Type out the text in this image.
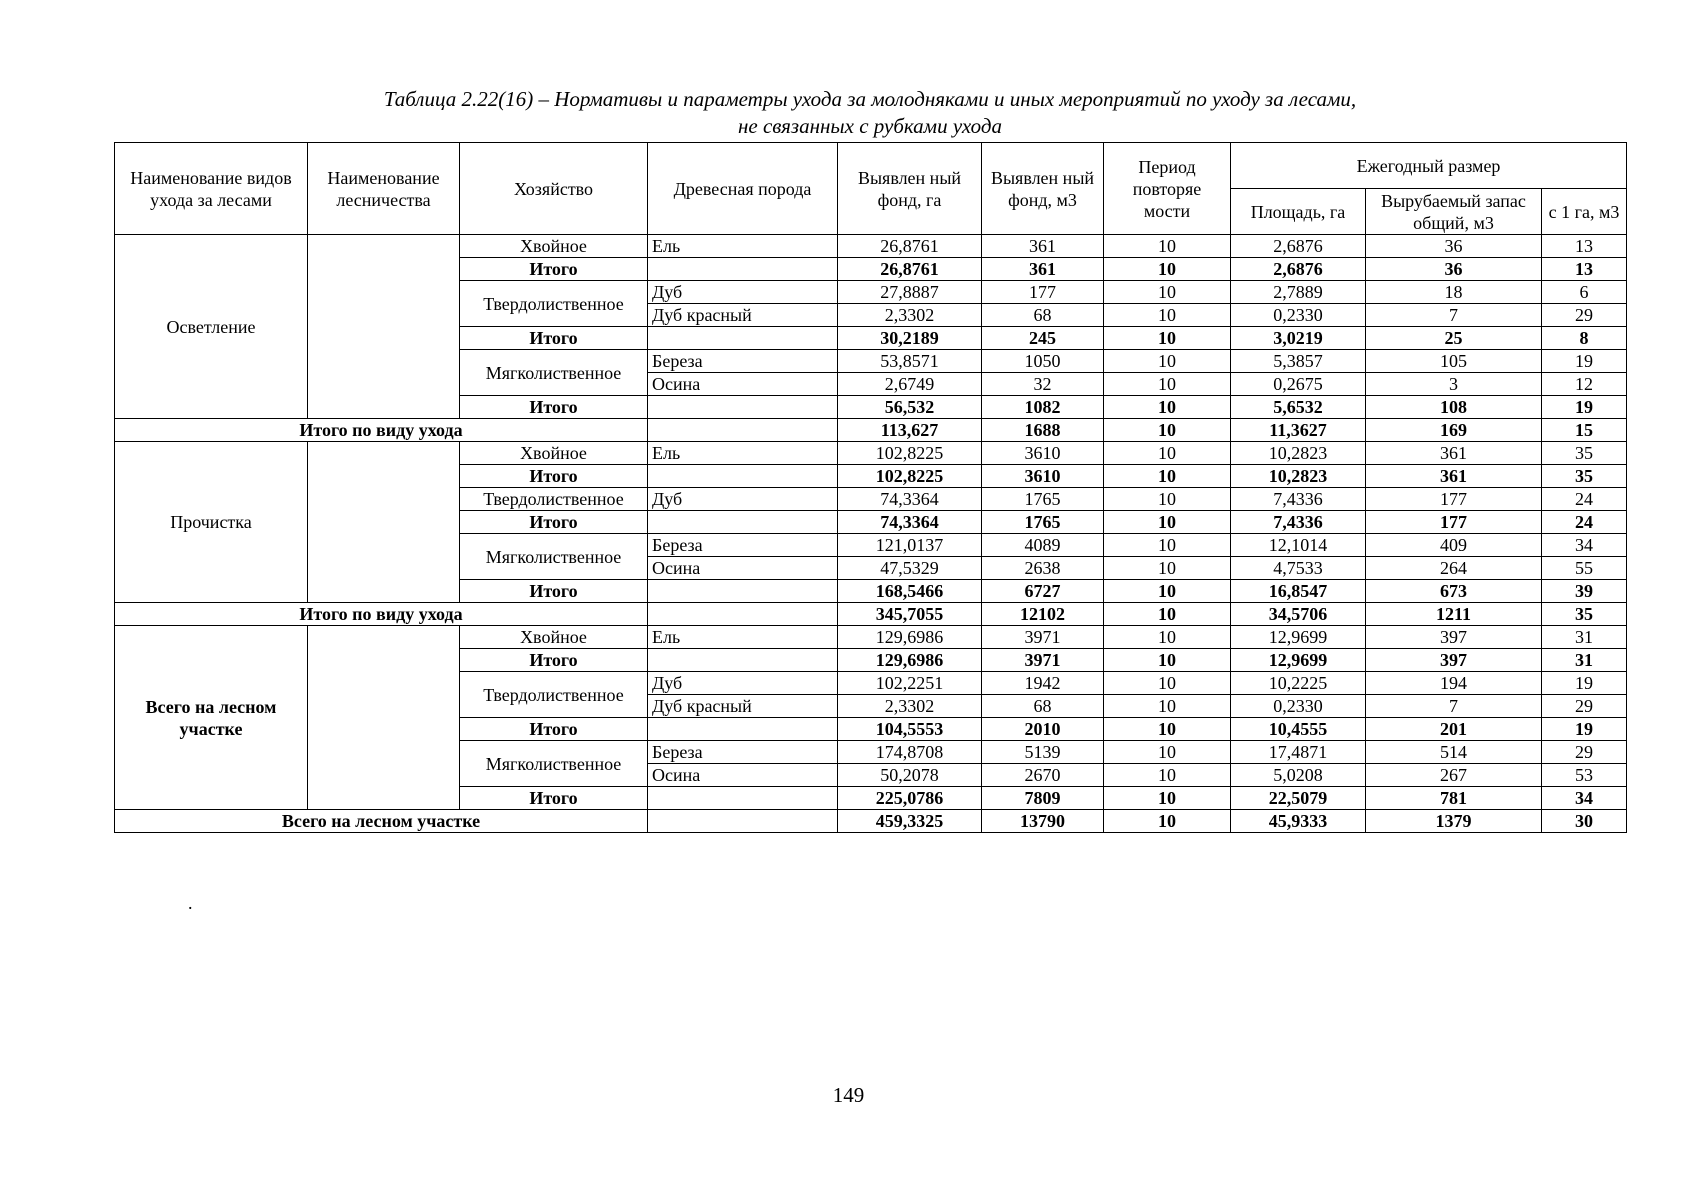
Таблица 2.22(16) – Нормативы и параметры ухода за молодняками и иных мероприятий по уходу за лесами,
не связанных с рубками ухода
Наименование видов ухода за лесами	Наименование лесничества	Хозяйство	Древесная порода	Выявлен ный фонд, га	Выявлен ный фонд, м3	Период повторяе мости	Ежегодный размер		
							Площадь, га	Вырубаемый запас общий, м3	с 1 га, м3
Осветление		Хвойное	Ель	26,8761	361	10	2,6876	36	13
		Итого		26,8761	361	10	2,6876	36	13
		Твердолиственное	Дуб	27,8887	177	10	2,7889	18	6
			Дуб красный	2,3302	68	10	0,2330	7	29
		Итого		30,2189	245	10	3,0219	25	8
		Мягколиственное	Береза	53,8571	1050	10	5,3857	105	19
			Осина	2,6749	32	10	0,2675	3	12
		Итого		56,532	1082	10	5,6532	108	19
Итого по виду ухода				113,627	1688	10	11,3627	169	15
Прочистка		Хвойное	Ель	102,8225	3610	10	10,2823	361	35
		Итого		102,8225	3610	10	10,2823	361	35
		Твердолиственное	Дуб	74,3364	1765	10	7,4336	177	24
		Итого		74,3364	1765	10	7,4336	177	24
		Мягколиственное	Береза	121,0137	4089	10	12,1014	409	34
			Осина	47,5329	2638	10	4,7533	264	55
		Итого		168,5466	6727	10	16,8547	673	39
Итого по виду ухода				345,7055	12102	10	34,5706	1211	35
Всего на лесном участке		Хвойное	Ель	129,6986	3971	10	12,9699	397	31
		Итого		129,6986	3971	10	12,9699	397	31
		Твердолиственное	Дуб	102,2251	1942	10	10,2225	194	19
			Дуб красный	2,3302	68	10	0,2330	7	29
		Итого		104,5553	2010	10	10,4555	201	19
		Мягколиственное	Береза	174,8708	5139	10	17,4871	514	29
			Осина	50,2078	2670	10	5,0208	267	53
		Итого		225,0786	7809	10	22,5079	781	34
Всего на лесном участке				459,3325	13790	10	45,9333	1379	30
.
149
